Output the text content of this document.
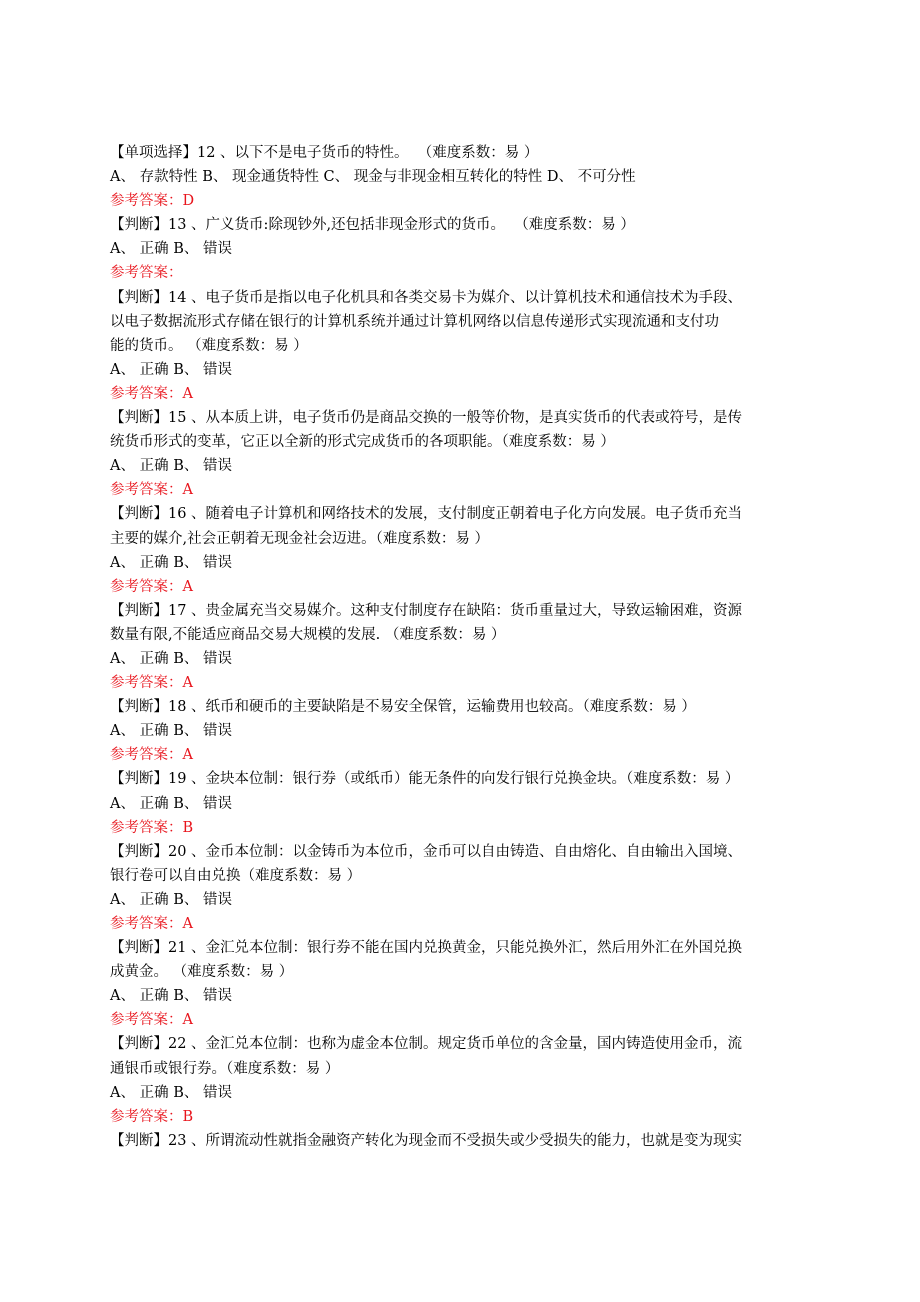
【单项选择】12 、以下不是电子货币的特性。  （难度系数：易 ）
A、 存款特性 B、 现金通货特性 C、 现金与非现金相互转化的特性 D、 不可分性
参考答案：D
【判断】13 、广义货币:除现钞外,还包括非现金形式的货币。  （难度系数：易 ）
A、 正确 B、 错误
参考答案：
【判断】14 、电子货币是指以电子化机具和各类交易卡为媒介、以计算机技术和通信技术为手段、
以电子数据流形式存储在银行的计算机系统并通过计算机网络以信息传递形式实现流通和支付功
能的货币。 （难度系数：易 ）
A、 正确 B、 错误
参考答案：A
【判断】15 、从本质上讲，电子货币仍是商品交换的一般等价物，是真实货币的代表或符号，是传
统货币形式的变革，它正以全新的形式完成货币的各项职能。（难度系数：易 ）
A、 正确 B、 错误
参考答案：A
【判断】16 、随着电子计算机和网络技术的发展，支付制度正朝着电子化方向发展。电子货币充当
主要的媒介,社会正朝着无现金社会迈进。（难度系数：易 ）
A、 正确 B、 错误
参考答案：A
【判断】17 、贵金属充当交易媒介。这种支付制度存在缺陷：货币重量过大，导致运输困难，资源
数量有限,不能适应商品交易大规模的发展. （难度系数：易 ）
A、 正确 B、 错误
参考答案：A
【判断】18 、纸币和硬币的主要缺陷是不易安全保管，运输费用也较高。（难度系数：易 ）
A、 正确 B、 错误
参考答案：A
【判断】19 、金块本位制：银行券（或纸币）能无条件的向发行银行兑换金块。（难度系数：易 ）
A、 正确 B、 错误
参考答案：B
【判断】20 、金币本位制：以金铸币为本位币，金币可以自由铸造、自由熔化、自由输出入国境、
银行卷可以自由兑换（难度系数：易 ）
A、 正确 B、 错误
参考答案：A
【判断】21 、金汇兑本位制：银行券不能在国内兑换黄金，只能兑换外汇，然后用外汇在外国兑换
成黄金。 （难度系数：易 ）
A、 正确 B、 错误
参考答案：A
【判断】22 、金汇兑本位制：也称为虚金本位制。规定货币单位的含金量，国内铸造使用金币，流
通银币或银行券。（难度系数：易 ）
A、 正确 B、 错误
参考答案：B
【判断】23 、所谓流动性就指金融资产转化为现金而不受损失或少受损失的能力，也就是变为现实
